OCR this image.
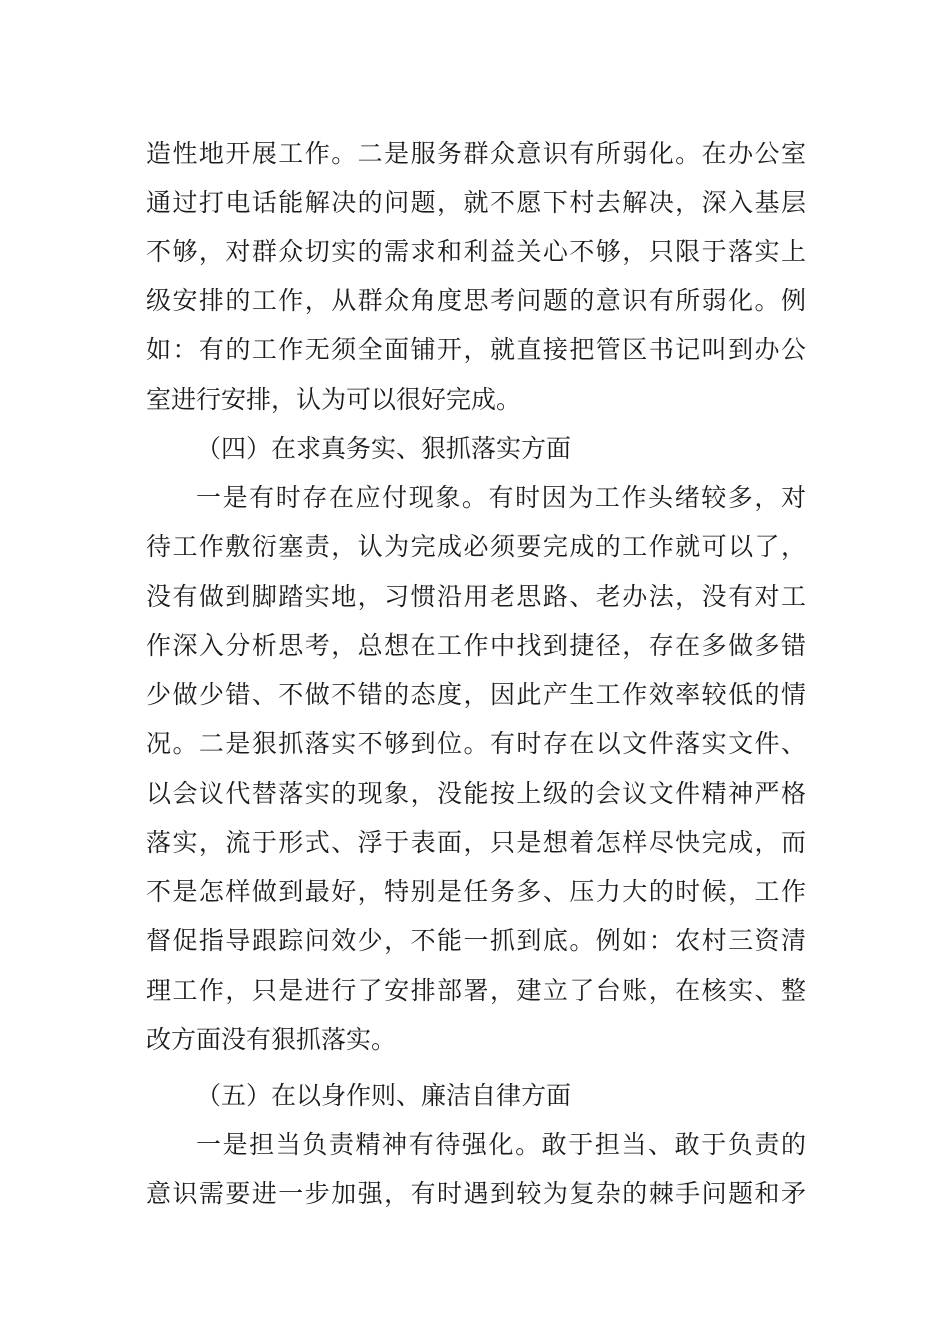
造性地开展工作。二是服务群众意识有所弱化。在办公室
通过打电话能解决的问题，就不愿下村去解决，深入基层
不够，对群众切实的需求和利益关心不够，只限于落实上
级安排的工作，从群众角度思考问题的意识有所弱化。例
如：有的工作无须全面铺开，就直接把管区书记叫到办公
室进行安排，认为可以很好完成。
（四）在求真务实、狠抓落实方面
一是有时存在应付现象。有时因为工作头绪较多，对
待工作敷衍塞责，认为完成必须要完成的工作就可以了，
没有做到脚踏实地，习惯沿用老思路、老办法，没有对工
作深入分析思考，总想在工作中找到捷径，存在多做多错
少做少错、不做不错的态度，因此产生工作效率较低的情
况。二是狠抓落实不够到位。有时存在以文件落实文件、
以会议代替落实的现象，没能按上级的会议文件精神严格
落实，流于形式、浮于表面，只是想着怎样尽快完成，而
不是怎样做到最好，特别是任务多、压力大的时候，工作
督促指导跟踪问效少，不能一抓到底。例如：农村三资清
理工作，只是进行了安排部署，建立了台账，在核实、整
改方面没有狠抓落实。
（五）在以身作则、廉洁自律方面
一是担当负责精神有待强化。敢于担当、敢于负责的
意识需要进一步加强，有时遇到较为复杂的棘手问题和矛
